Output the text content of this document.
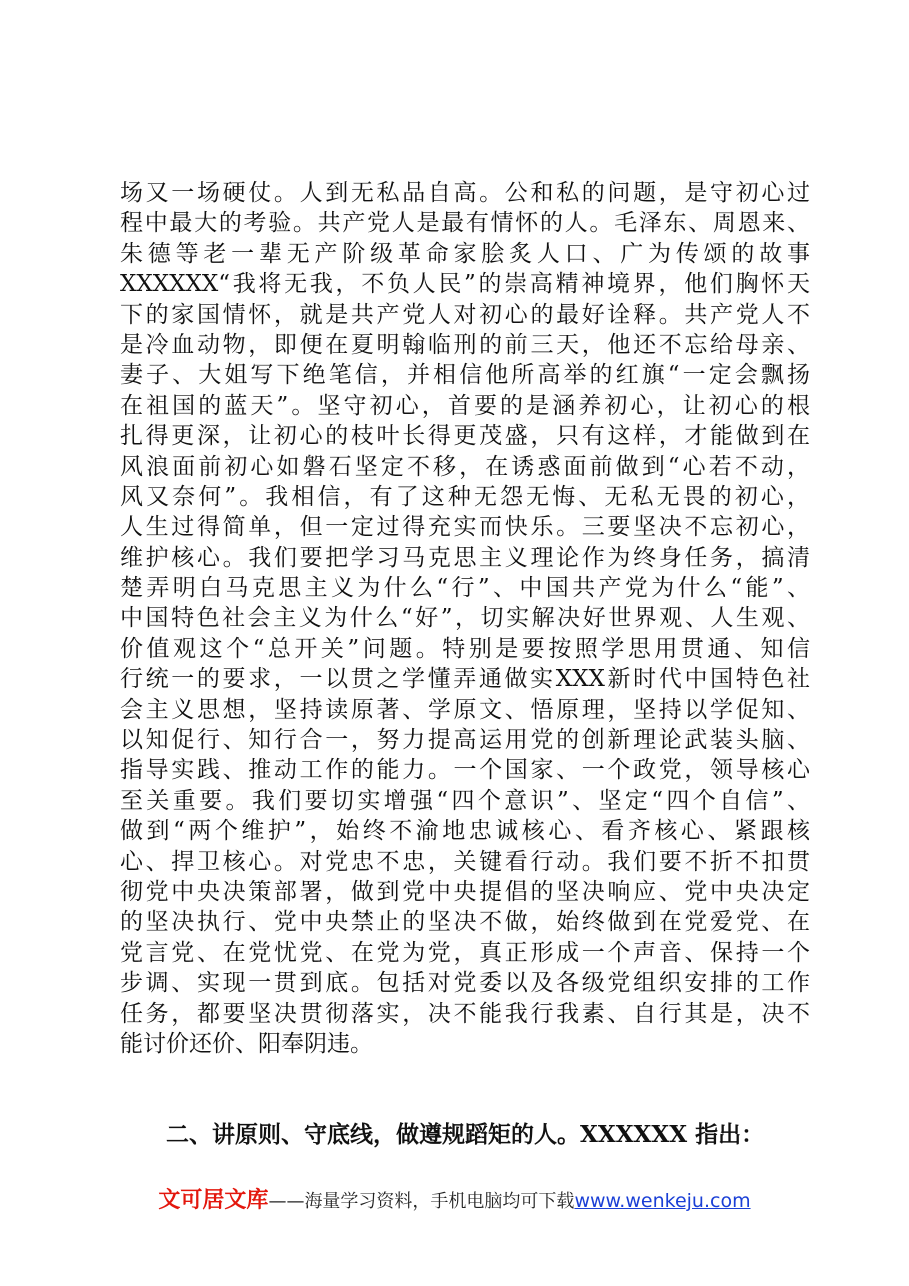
场又一场硬仗。人到无私品自高。公和私的问题，是守初心过
程中最大的考验。共产党人是最有情怀的人。毛泽东、周恩来、
朱德等老一辈无产阶级革命家脍炙人口、广为传颂的故事
XXXXXX“我将无我，不负人民”的崇高精神境界，他们胸怀天
下的家国情怀，就是共产党人对初心的最好诠释。共产党人不
是冷血动物，即便在夏明翰临刑的前三天，他还不忘给母亲、
妻子、大姐写下绝笔信，并相信他所高举的红旗“一定会飘扬
在祖国的蓝天”。坚守初心，首要的是涵养初心，让初心的根
扎得更深，让初心的枝叶长得更茂盛，只有这样，才能做到在
风浪面前初心如磐石坚定不移，在诱惑面前做到“心若不动，
风又奈何”。我相信，有了这种无怨无悔、无私无畏的初心，
人生过得简单，但一定过得充实而快乐。三要坚决不忘初心，
维护核心。我们要把学习马克思主义理论作为终身任务，搞清
楚弄明白马克思主义为什么“行”、中国共产党为什么“能”、
中国特色社会主义为什么“好”，切实解决好世界观、人生观、
价值观这个“总开关”问题。特别是要按照学思用贯通、知信
行统一的要求，一以贯之学懂弄通做实XXX新时代中国特色社
会主义思想，坚持读原著、学原文、悟原理，坚持以学促知、
以知促行、知行合一，努力提高运用党的创新理论武装头脑、
指导实践、推动工作的能力。一个国家、一个政党，领导核心
至关重要。我们要切实增强“四个意识”、坚定“四个自信”、
做到“两个维护”，始终不渝地忠诚核心、看齐核心、紧跟核
心、捍卫核心。对党忠不忠，关键看行动。我们要不折不扣贯
彻党中央决策部署，做到党中央提倡的坚决响应、党中央决定
的坚决执行、党中央禁止的坚决不做，始终做到在党爱党、在
党言党、在党忧党、在党为党，真正形成一个声音、保持一个
步调、实现一贯到底。包括对党委以及各级党组织安排的工作
任务，都要坚决贯彻落实，决不能我行我素、自行其是，决不
能讨价还价、阳奉阴违。
二、讲原则、守底线，做遵规蹈矩的人。XXXXXX 指出：
文可居文库——海量学习资料，手机电脑均可下载www.wenkeju.com
